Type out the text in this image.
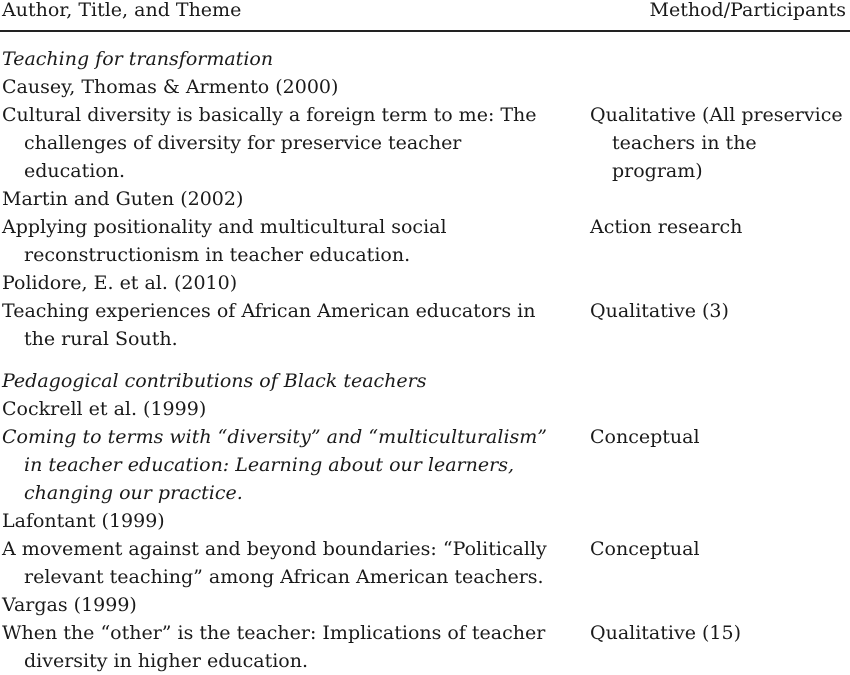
Author, Title, and Theme	Method/Participants
Teaching for transformation
Causey, Thomas & Armento (2000)
Cultural diversity is basically a foreign term to me: The challenges of diversity for preservice teacher education.
Qualitative (All preservice teachers in the program)
Martin and Guten (2002)
Applying positionality and multicultural social reconstructionism in teacher education.
Action research
Polidore, E. et al. (2010)
Teaching experiences of African American educators in the rural South.
Qualitative (3)
Pedagogical contributions of Black teachers
Cockrell et al. (1999)
Coming to terms with “diversity” and “multiculturalism” in teacher education: Learning about our learners, changing our practice.
Conceptual
Lafontant (1999)
A movement against and beyond boundaries: “Politically relevant teaching” among African American teachers.
Conceptual
Vargas (1999)
When the “other” is the teacher: Implications of teacher diversity in higher education.
Qualitative (15)
